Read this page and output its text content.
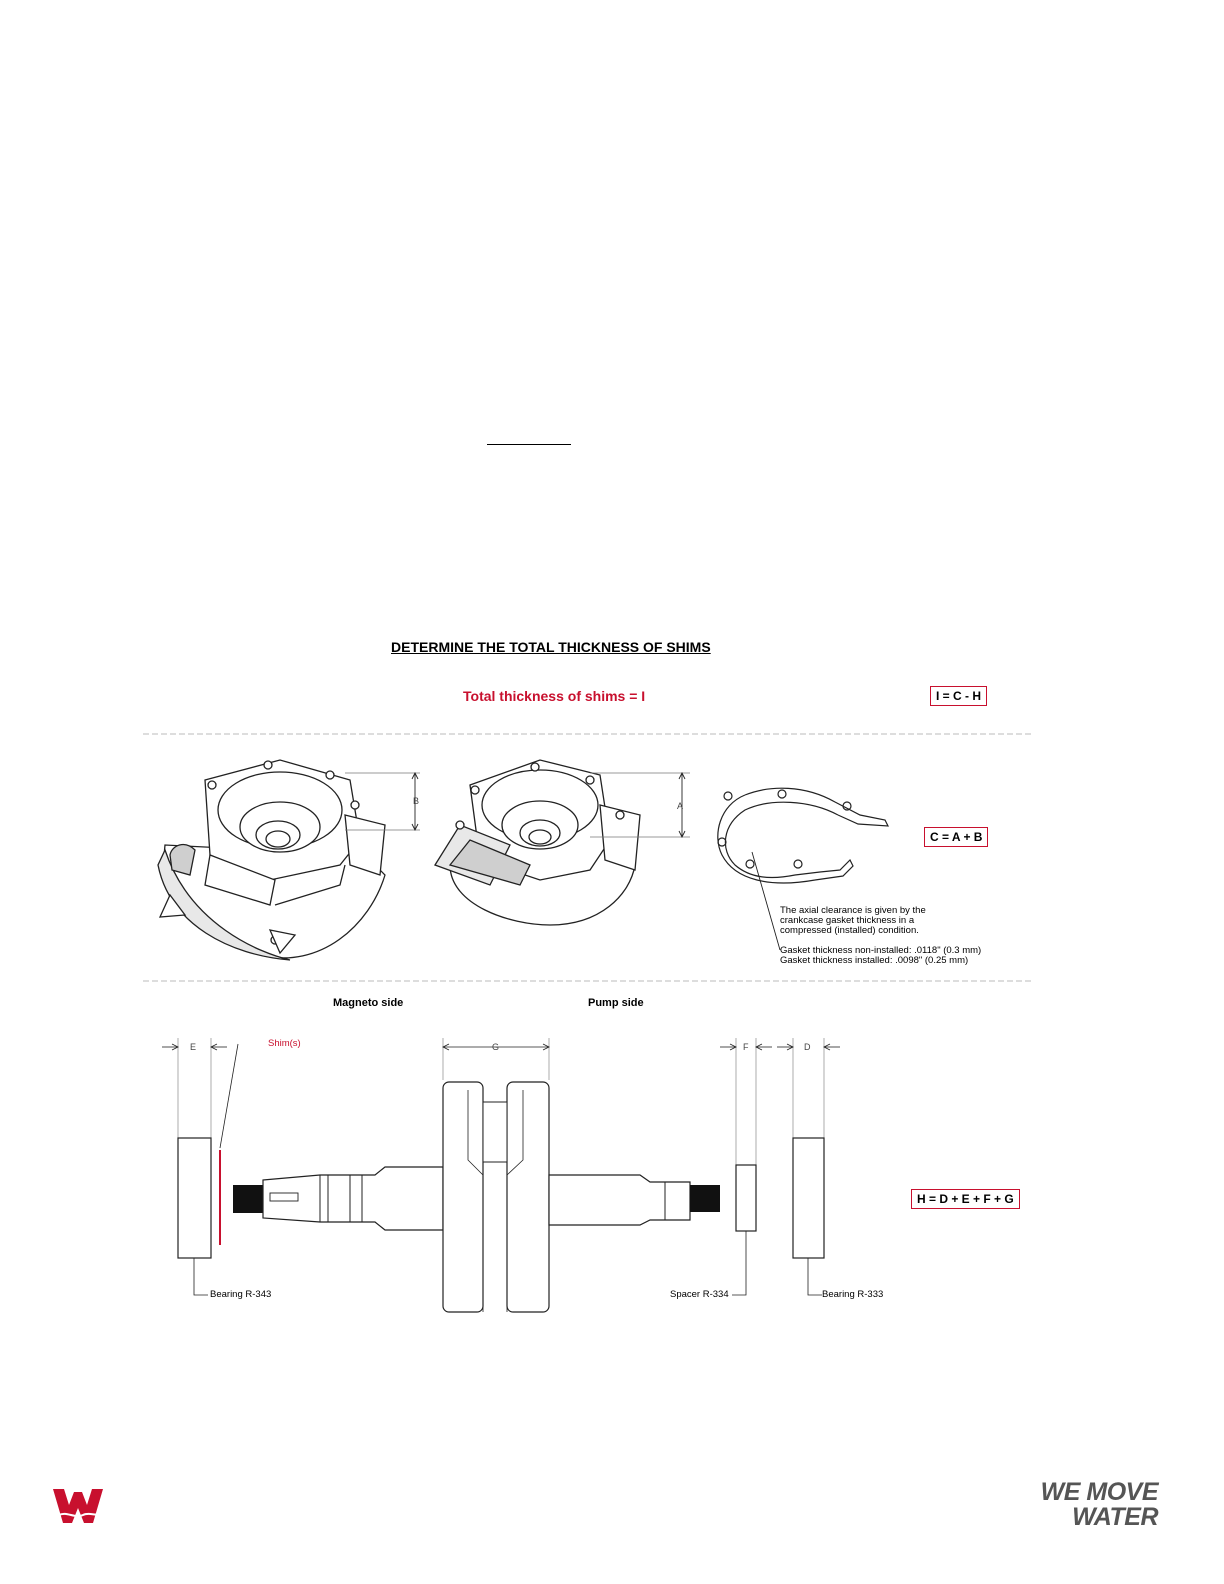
DETERMINE THE TOTAL THICKNESS OF SHIMS
Total thickness of shims = I	I = C - H
B	A
C = A + B
The axial clearance is given by the
crankcase gasket thickness in a
compressed (installed) condition.
Gasket thickness non-installed: .0118" (0.3 mm)
Gasket thickness installed: .0098" (0.25 mm)
Magneto side	Pump side
E	G	F	D
Shim(s)
Bearing R-343	Spacer R-334	Bearing R-333
H = D + E + F + G
WE MOVE
WATER
